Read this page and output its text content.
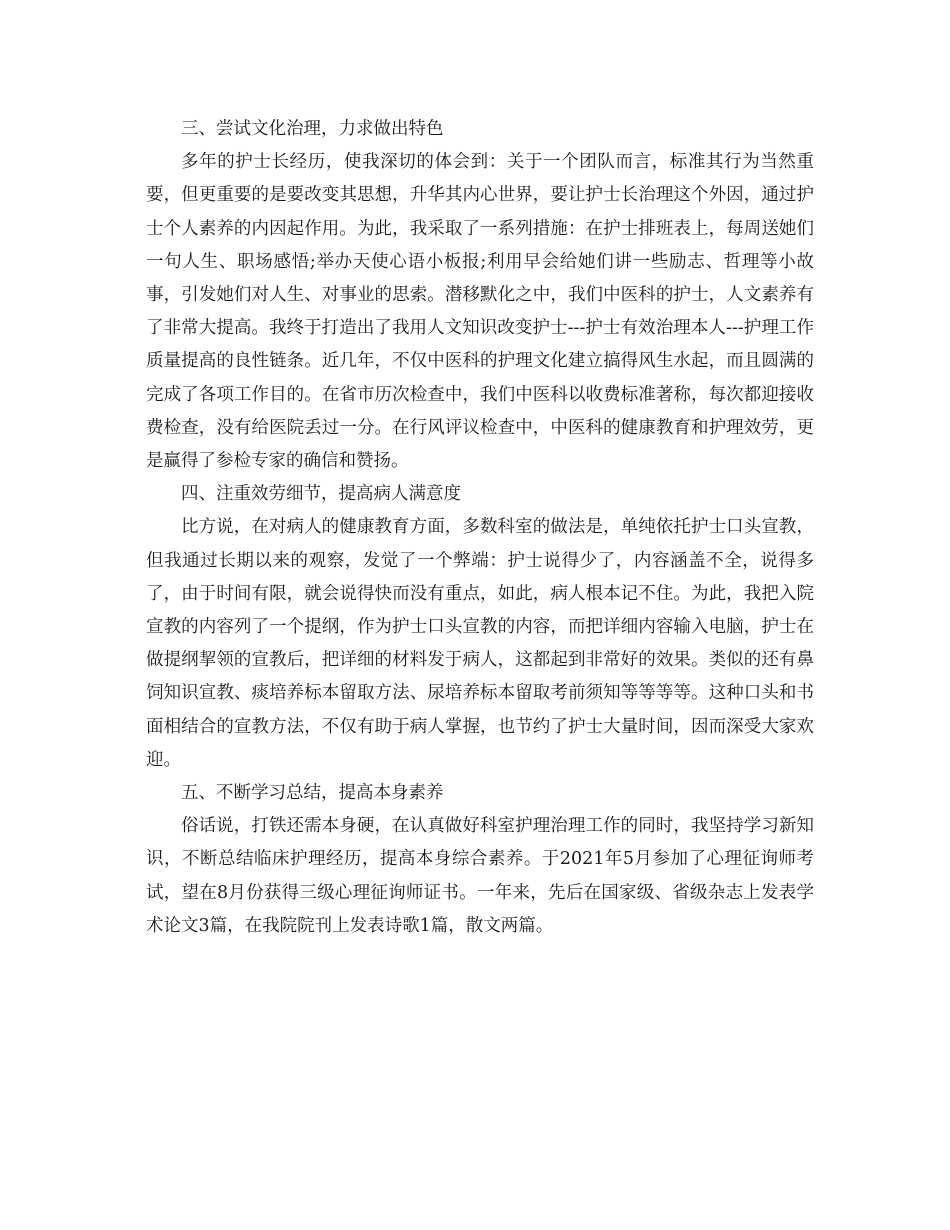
三、尝试文化治理，力求做出特色

多年的护士长经历，使我深切的体会到：关于一个团队而言，标准其行为当然重要，但更重要的是要改变其思想，升华其内心世界，要让护士长治理这个外因，通过护士个人素养的内因起作用。为此，我采取了一系列措施：在护士排班表上，每周送她们一句人生、职场感悟;举办天使心语小板报;利用早会给她们讲一些励志、哲理等小故事，引发她们对人生、对事业的思索。潜移默化之中，我们中医科的护士，人文素养有了非常大提高。我终于打造出了我用人文知识改变护士---护士有效治理本人---护理工作质量提高的良性链条。近几年，不仅中医科的护理文化建立搞得风生水起，而且圆满的完成了各项工作目的。在省市历次检查中，我们中医科以收费标准著称，每次都迎接收费检查，没有给医院丢过一分。在行风评议检查中，中医科的健康教育和护理效劳，更是赢得了参检专家的确信和赞扬。

四、注重效劳细节，提高病人满意度

比方说，在对病人的健康教育方面，多数科室的做法是，单纯依托护士口头宣教，但我通过长期以来的观察，发觉了一个弊端：护士说得少了，内容涵盖不全，说得多了，由于时间有限，就会说得快而没有重点，如此，病人根本记不住。为此，我把入院宣教的内容列了一个提纲，作为护士口头宣教的内容，而把详细内容输入电脑，护士在做提纲挈领的宣教后，把详细的材料发于病人，这都起到非常好的效果。类似的还有鼻饲知识宣教、痰培养标本留取方法、尿培养标本留取考前须知等等等等。这种口头和书面相结合的宣教方法，不仅有助于病人掌握，也节约了护士大量时间，因而深受大家欢迎。

五、不断学习总结，提高本身素养

俗话说，打铁还需本身硬，在认真做好科室护理治理工作的同时，我坚持学习新知识，不断总结临床护理经历，提高本身综合素养。于2021年5月参加了心理征询师考试，望在8月份获得三级心理征询师证书。一年来，先后在国家级、省级杂志上发表学术论文3篇，在我院院刊上发表诗歌1篇，散文两篇。
